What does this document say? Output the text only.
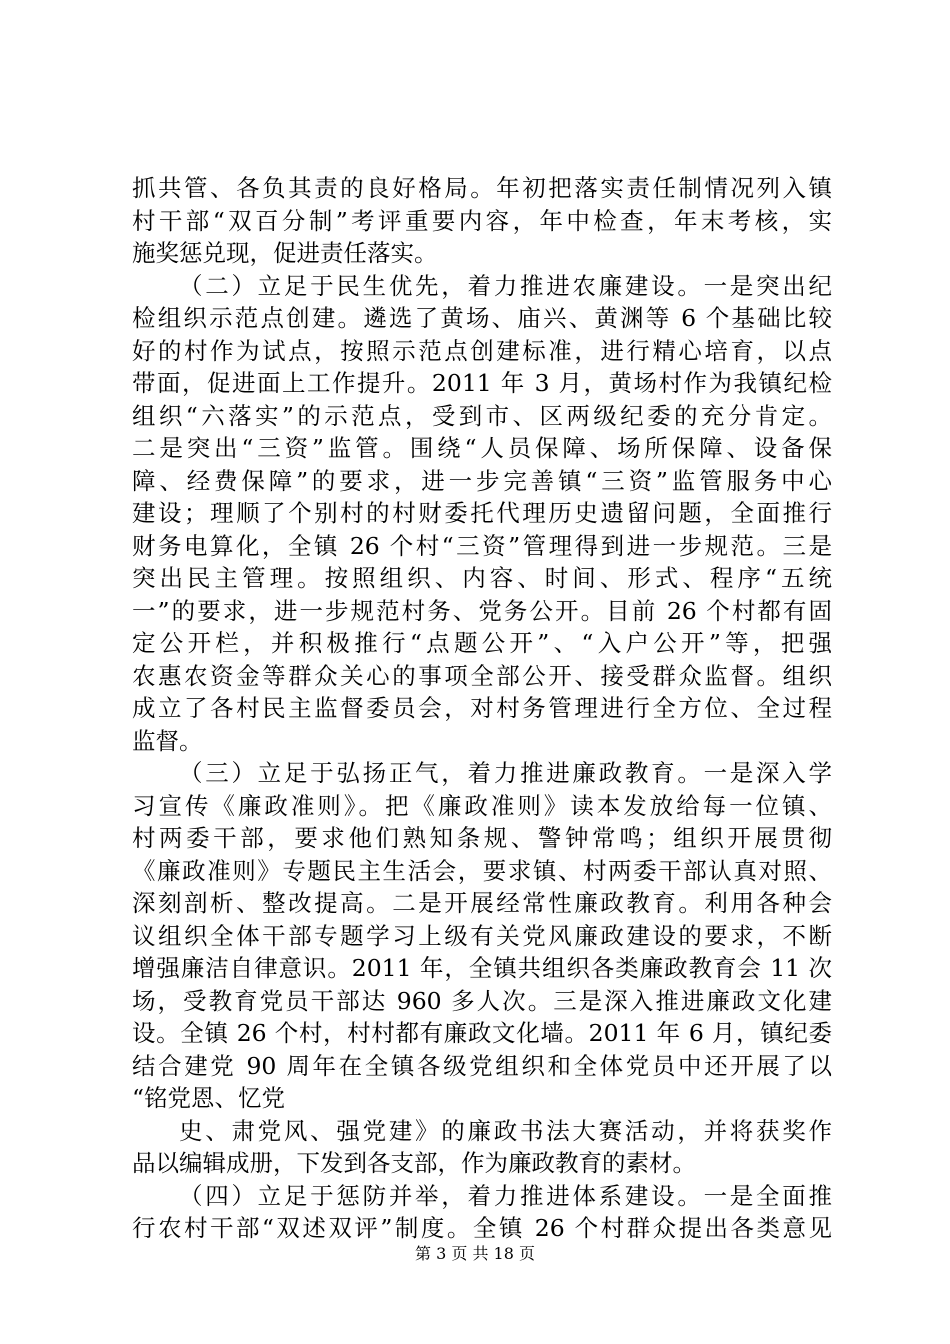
抓共管、各负其责的良好格局。年初把落实责任制情况列入镇
村干部“双百分制”考评重要内容，年中检查，年末考核，实
施奖惩兑现，促进责任落实。
（二）立足于民生优先，着力推进农廉建设。一是突出纪
检组织示范点创建。遴选了黄场、庙兴、黄渊等 6 个基础比较
好的村作为试点，按照示范点创建标准，进行精心培育，以点
带面，促进面上工作提升。2011 年 3 月，黄场村作为我镇纪检
组织“六落实”的示范点，受到市、区两级纪委的充分肯定。
二是突出“三资”监管。围绕“人员保障、场所保障、设备保
障、经费保障”的要求，进一步完善镇“三资”监管服务中心
建设；理顺了个别村的村财委托代理历史遗留问题，全面推行
财务电算化，全镇 26 个村“三资”管理得到进一步规范。三是
突出民主管理。按照组织、内容、时间、形式、程序“五统
一”的要求，进一步规范村务、党务公开。目前 26 个村都有固
定公开栏，并积极推行“点题公开”、“入户公开”等，把强
农惠农资金等群众关心的事项全部公开、接受群众监督。组织
成立了各村民主监督委员会，对村务管理进行全方位、全过程
监督。
（三）立足于弘扬正气，着力推进廉政教育。一是深入学
习宣传《廉政准则》。把《廉政准则》读本发放给每一位镇、
村两委干部，要求他们熟知条规、警钟常鸣；组织开展贯彻
《廉政准则》专题民主生活会，要求镇、村两委干部认真对照、
深刻剖析、整改提高。二是开展经常性廉政教育。利用各种会
议组织全体干部专题学习上级有关党风廉政建设的要求，不断
增强廉洁自律意识。2011 年，全镇共组织各类廉政教育会 11 次
场，受教育党员干部达 960 多人次。三是深入推进廉政文化建
设。全镇 26 个村，村村都有廉政文化墙。2011 年 6 月，镇纪委
结合建党 90 周年在全镇各级党组织和全体党员中还开展了以
“铭党恩、忆党
史、肃党风、强党建》的廉政书法大赛活动，并将获奖作
品以编辑成册，下发到各支部，作为廉政教育的素材。
（四）立足于惩防并举，着力推进体系建设。一是全面推
行农村干部“双述双评”制度。全镇 26 个村群众提出各类意见
第 3 页 共 18 页
